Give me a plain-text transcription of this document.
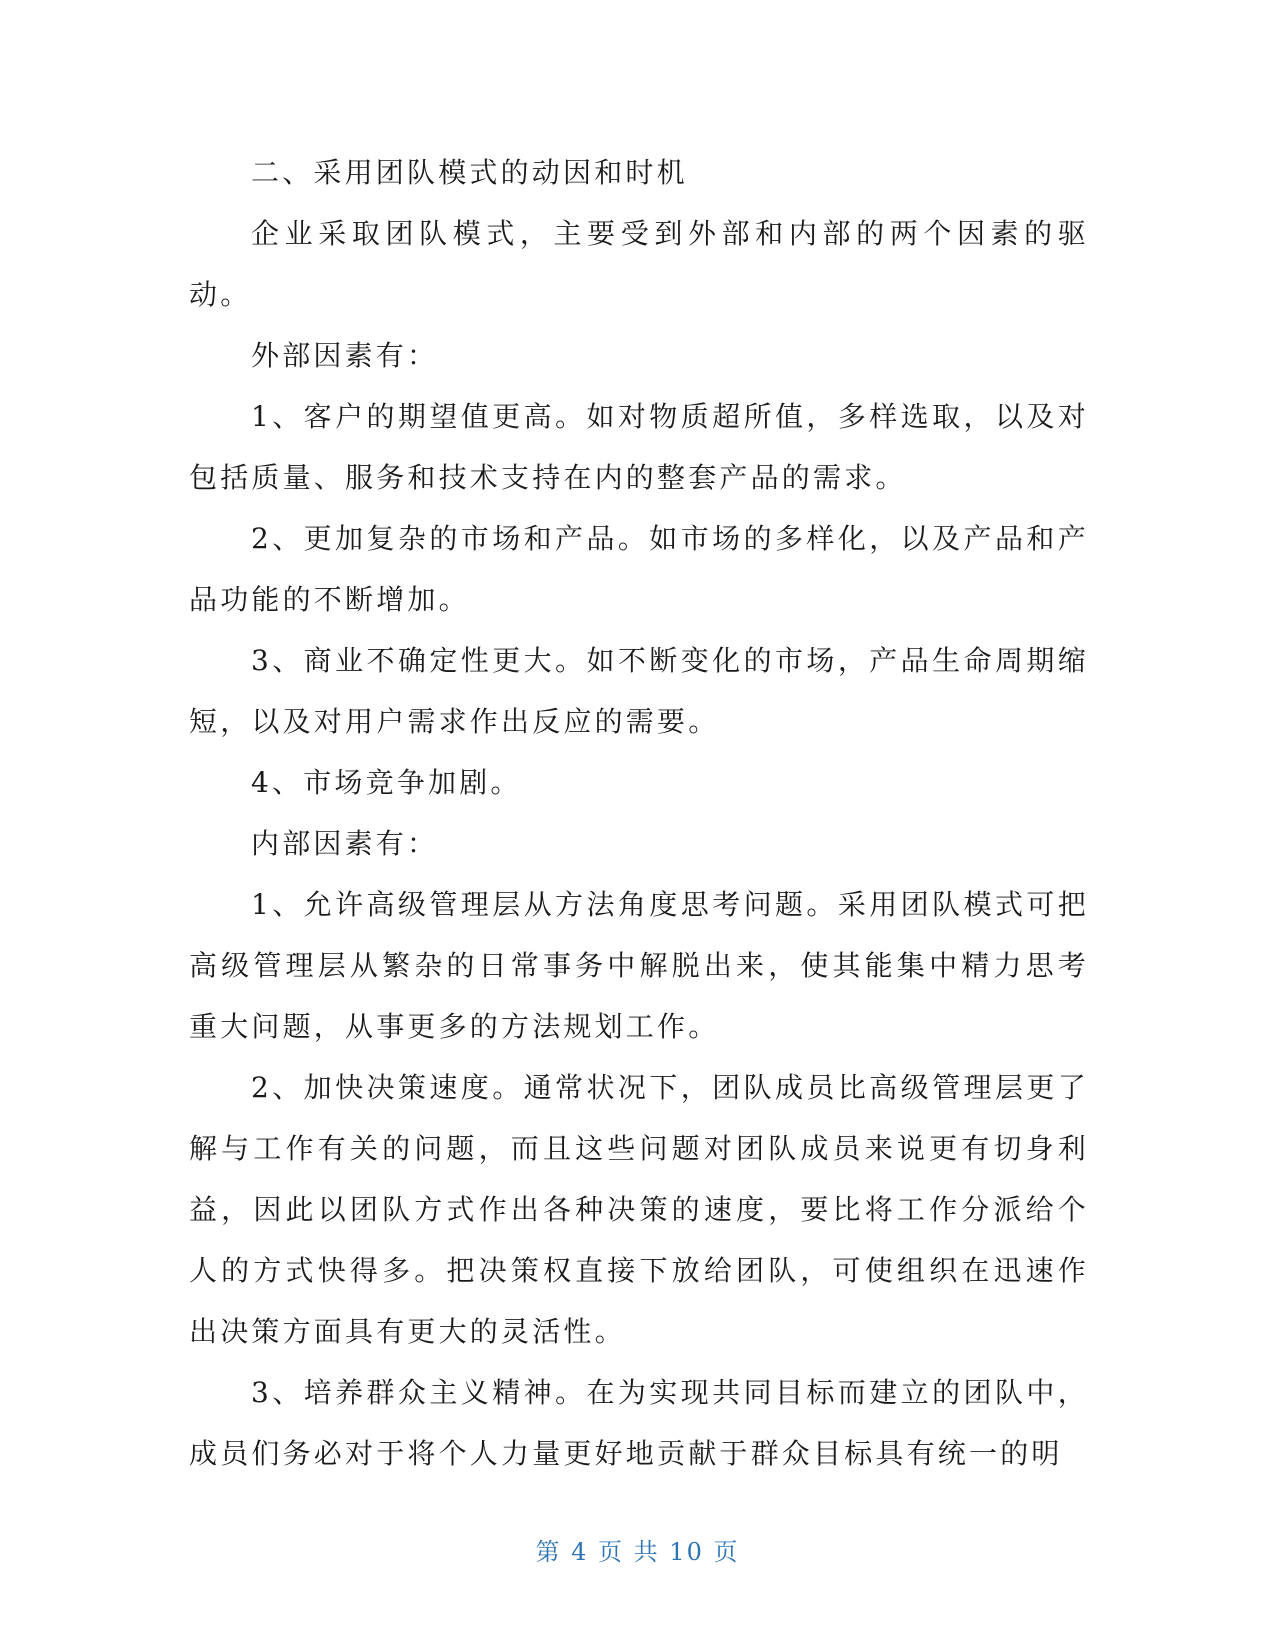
二、采用团队模式的动因和时机

企业采取团队模式，主要受到外部和内部的两个因素的驱动。

外部因素有：

1、客户的期望值更高。如对物质超所值，多样选取，以及对包括质量、服务和技术支持在内的整套产品的需求。

2、更加复杂的市场和产品。如市场的多样化，以及产品和产品功能的不断增加。

3、商业不确定性更大。如不断变化的市场，产品生命周期缩短，以及对用户需求作出反应的需要。

4、市场竞争加剧。

内部因素有：

1、允许高级管理层从方法角度思考问题。采用团队模式可把高级管理层从繁杂的日常事务中解脱出来，使其能集中精力思考重大问题，从事更多的方法规划工作。

2、加快决策速度。通常状况下，团队成员比高级管理层更了解与工作有关的问题，而且这些问题对团队成员来说更有切身利益，因此以团队方式作出各种决策的速度，要比将工作分派给个人的方式快得多。把决策权直接下放给团队，可使组织在迅速作出决策方面具有更大的灵活性。

3、培养群众主义精神。在为实现共同目标而建立的团队中，成员们务必对于将个人力量更好地贡献于群众目标具有统一的明

第 4 页 共 10 页
